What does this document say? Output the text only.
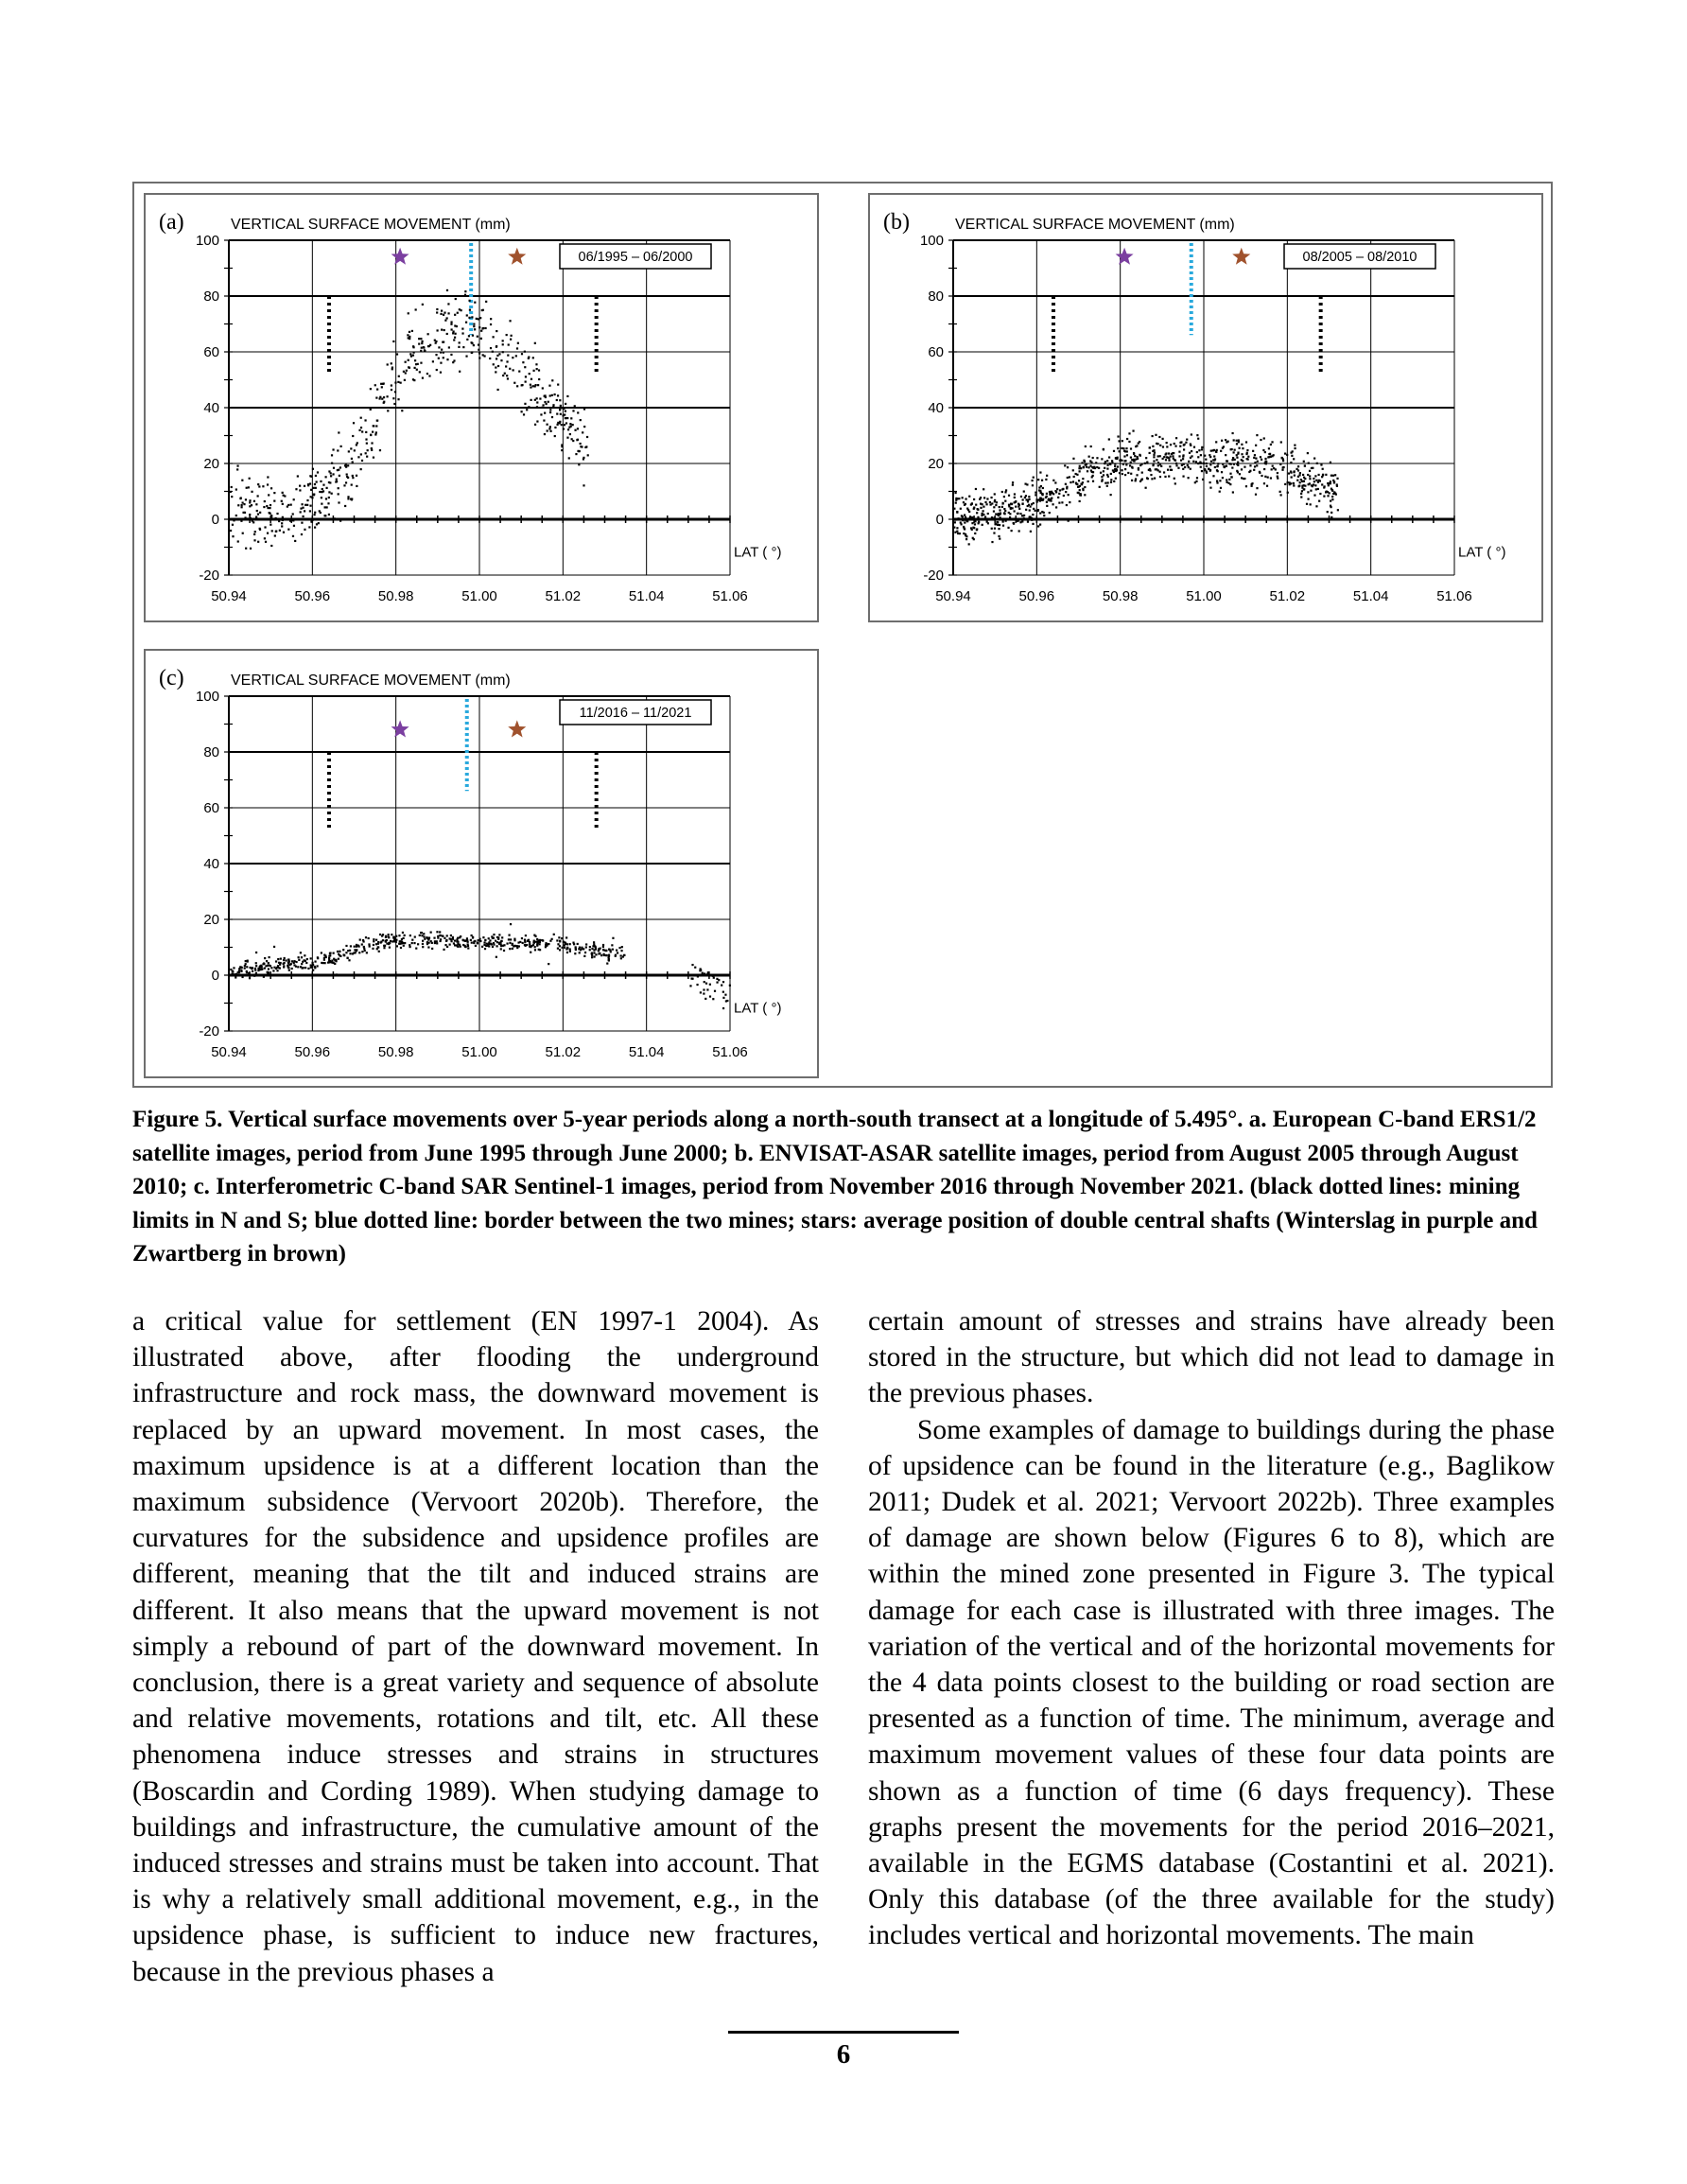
-20
0
20
40
60
80
100
50.94	50.96	50.98	51.00	51.02	51.04	51.06
(a)	VERTICAL SURFACE MOVEMENT (mm)
06/1995 – 06/2000
LAT ( °)
-20
0
20
40
60
80
100
50.94	50.96	50.98	51.00	51.02	51.04	51.06
(b)	VERTICAL SURFACE MOVEMENT (mm)
08/2005 – 08/2010
LAT ( °)
-20
0
20
40
60
80
100
50.94	50.96	50.98	51.00	51.02	51.04	51.06
(c)	VERTICAL SURFACE MOVEMENT (mm)
11/2016 – 11/2021
LAT ( °)
Figure 5. Vertical surface movements over 5-year periods along a north-south transect at a longitude of 5.495°. a. European C-band ERS1/2 satellite images, period from June 1995 through June 2000; b. ENVISAT-ASAR satellite images, period from August 2005 through August 2010; c. Interferometric C-band SAR Sentinel-1 images, period from November 2016 through November 2021. (black dotted lines: mining limits in N and S; blue dotted line: border between the two mines; stars: average position of double central shafts (Winterslag in purple and Zwartberg in brown)

a critical value for settlement (EN 1997-1 2004). As illustrated above, after flooding the underground infrastructure and rock mass, the downward movement is replaced by an upward movement. In most cases, the maximum upsidence is at a different location than the maximum subsidence (Vervoort 2020b). Therefore, the curvatures for the subsidence and upsidence profiles are different, meaning that the tilt and induced strains are different. It also means that the upward movement is not simply a rebound of part of the downward movement. In conclusion, there is a great variety and sequence of absolute and relative movements, rotations and tilt, etc. All these phenomena induce stresses and strains in structures (Boscardin and Cording 1989). When studying damage to buildings and infrastructure, the cumulative amount of the induced stresses and strains must be taken into account. That is why a relatively small additional movement, e.g., in the upsidence phase, is sufficient to induce new fractures, because in the previous phases a

certain amount of stresses and strains have already been stored in the structure, but which did not lead to damage in the previous phases.

Some examples of damage to buildings during the phase of upsidence can be found in the literature (e.g., Baglikow 2011; Dudek et al. 2021; Vervoort 2022b). Three examples of damage are shown below (Figures 6 to 8), which are within the mined zone presented in Figure 3. The typical damage for each case is illustrated with three images. The variation of the vertical and of the horizontal movements for the 4 data points closest to the building or road section are presented as a function of time. The minimum, average and maximum movement values of these four data points are shown as a function of time (6 days frequency). These graphs present the movements for the period 2016–2021, available in the EGMS database (Costantini et al. 2021). Only this database (of the three available for the study) includes vertical and horizontal movements. The main

6
